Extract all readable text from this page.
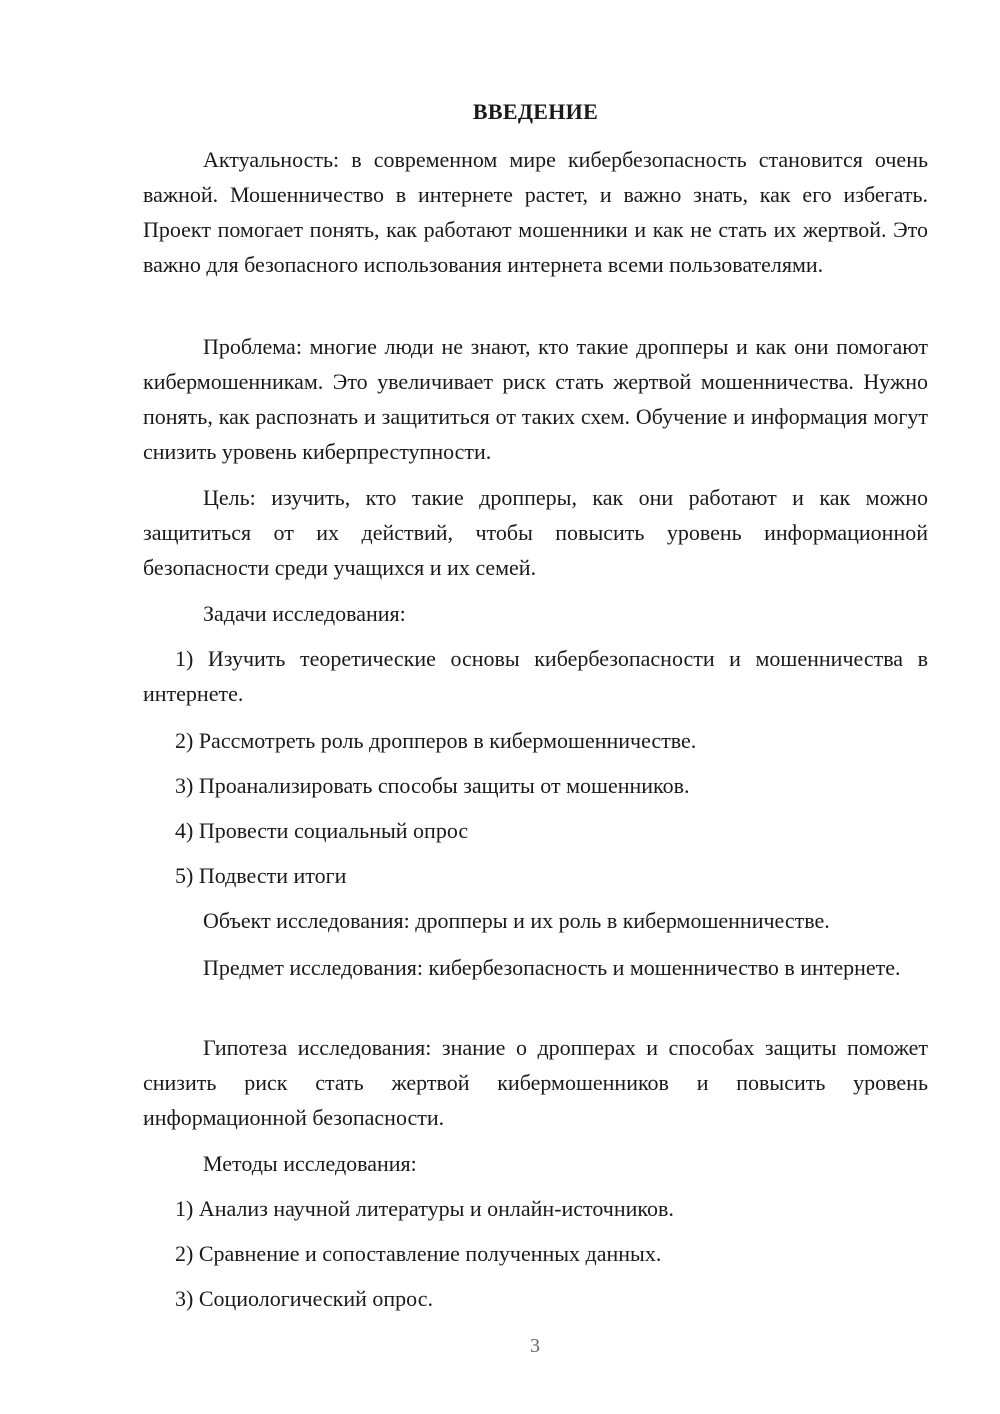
ВВЕДЕНИЕ

Актуальность: в современном мире кибербезопасность становится очень важной. Мошенничество в интернете растет, и важно знать, как его избегать. Проект помогает понять, как работают мошенники и как не стать их жертвой. Это важно для безопасного использования интернета всеми пользователями.

Проблема: многие люди не знают, кто такие дропперы и как они помогают кибермошенникам. Это увеличивает риск стать жертвой мошенничества. Нужно понять, как распознать и защититься от таких схем. Обучение и информация могут снизить уровень киберпреступности.

Цель: изучить, кто такие дропперы, как они работают и как можно защититься от их действий, чтобы повысить уровень информационной безопасности среди учащихся и их семей.

Задачи исследования:

1) Изучить теоретические основы кибербезопасности и мошенничества в интернете.

2) Рассмотреть роль дропперов в кибермошенничестве.

3) Проанализировать способы защиты от мошенников.

4) Провести социальный опрос

5) Подвести итоги

Объект исследования: дропперы и их роль в кибермошенничестве.

Предмет исследования: кибербезопасность и мошенничество в интернете.

Гипотеза исследования: знание о дропперах и способах защиты поможет снизить риск стать жертвой кибермошенников и повысить уровень информационной безопасности.

Методы исследования:

1) Анализ научной литературы и онлайн-источников.

2) Сравнение и сопоставление полученных данных.

3) Социологический опрос.

3
